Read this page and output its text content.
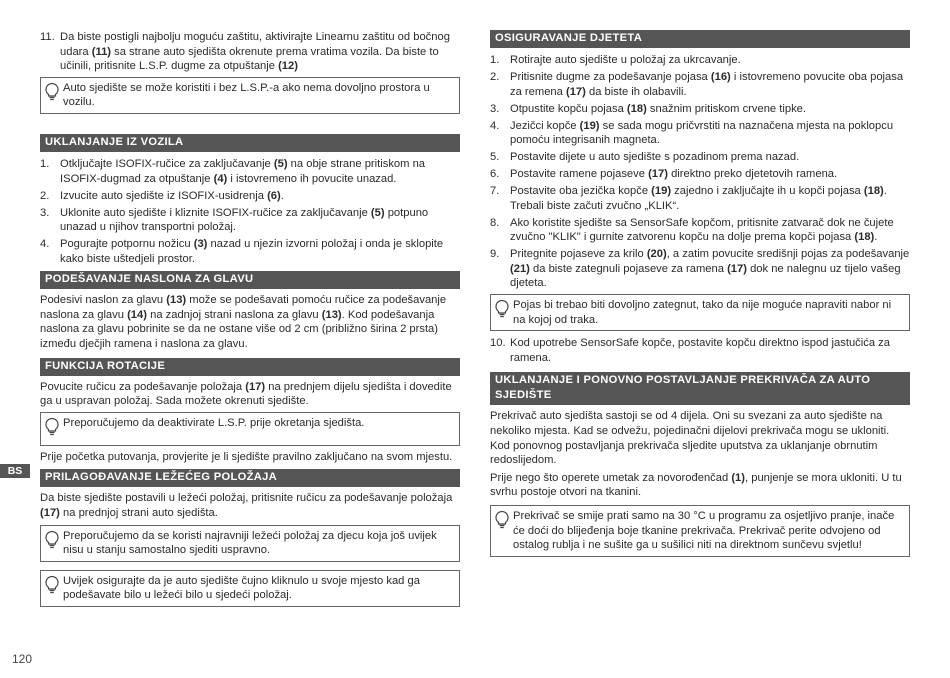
11. Da biste postigli najbolju moguću zaštitu, aktivirajte Linearnu zaštitu od bočnog udara (11) sa strane auto sjedišta okrenute prema vratima vozila. Da biste to učinili, pritisnite L.S.P. dugme za otpuštanje (12)
Auto sjedište se može koristiti i bez L.S.P.-a ako nema dovoljno prostora u vozilu.
UKLANJANJE IZ VOZILA
1. Otključajte ISOFIX-ručice za zaključavanje (5) na obje strane pritiskom na ISOFIX-dugmad za otpuštanje (4) i istovremeno ih povucite unazad.
2. Izvucite auto sjedište iz ISOFIX-usidrenja (6).
3. Uklonite auto sjedište i kliznite ISOFIX-ručice za zaključavanje (5) potpuno unazad u njihov transportni položaj.
4. Pogurajte potpornu nožicu (3) nazad u njezin izvorni položaj i onda je sklopite kako biste uštedjeli prostor.
PODEŠAVANJE NASLONA ZA GLAVU

Podesivi naslon za glavu (13) može se podešavati pomoću ručice za podešavanje naslona za glavu (14) na zadnjoj strani naslona za glavu (13). Kod podešavanja naslona za glavu pobrinite se da ne ostane više od 2 cm (približno širina 2 prsta) između dječjih ramena i naslona za glavu.

FUNKCIJA ROTACIJE

Povucite ručicu za podešavanje položaja (17) na prednjem dijelu sjedišta i dovedite ga u uspravan položaj. Sada možete okrenuti sjedište.

Preporučujemo da deaktivirate L.S.P. prije okretanja sjedišta.

Prije početka putovanja, provjerite je li sjedište pravilno zaključano na svom mjestu.

PRILAGOĐAVANJE LEŽEĆEG POLOŽAJA

Da biste sjedište postavili u ležeći položaj, pritisnite ručicu za podešavanje položaja (17) na prednjoj strani auto sjedišta.

Preporučujemo da se koristi najravniji ležeći položaj za djecu koja još uvijek nisu u stanju samostalno sjediti uspravno.
Uvijek osigurajte da je auto sjedište čujno kliknulo u svoje mjesto kad ga podešavate bilo u ležeći bilo u sjedeći položaj.
OSIGURAVANJE DJETETA
1. Rotirajte auto sjedište u položaj za ukrcavanje.
2. Pritisnite dugme za podešavanje pojasa (16) i istovremeno povucite oba pojasa za remena (17) da biste ih olabavili.
3. Otpustite kopču pojasa (18) snažnim pritiskom crvene tipke.
4. Jezičci kopče (19) se sada mogu pričvrstiti na naznačena mjesta na poklopcu pomoću integrisanih magneta.
5. Postavite dijete u auto sjedište s pozadinom prema nazad.
6. Postavite ramene pojaseve (17) direktno preko djetetovih ramena.
7. Postavite oba jezička kopče (19) zajedno i zaključajte ih u kopči pojasa (18). Trebali biste začuti zvučno „KLIK“.
8. Ako koristite sjedište sa SensorSafe kopčom, pritisnite zatvarač dok ne čujete zvučno "KLIK" i gurnite zatvorenu kopču na dolje prema kopči pojasa (18).
9. Pritegnite pojaseve za krilo (20), a zatim povucite središnji pojas za podešavanje (21) da biste zategnuli pojaseve za ramena (17) dok ne nalegnu uz tijelo vašeg djeteta.
Pojas bi trebao biti dovoljno zategnut, tako da nije moguće napraviti nabor ni na kojoj od traka.
10. Kod upotrebe SensorSafe kopče, postavite kopču direktno ispod jastučića za ramena.
UKLANJANJE I PONOVNO POSTAVLJANJE PREKRIVAČA ZA AUTO SJEDIŠTE

Prekrivač auto sjedišta sastoji se od 4 dijela. Oni su svezani za auto sjedište na nekoliko mjesta. Kad se odvežu, pojedinačni dijelovi prekrivača mogu se ukloniti. Kod ponovnog postavljanja prekrivača sljedite uputstva za uklanjanje obrnutim redoslijedom.

Prije nego što operete umetak za novorođenčad (1), punjenje se mora ukloniti. U tu svrhu postoje otvori na tkanini.

Prekrivač se smije prati samo na 30 °C u programu za osjetljivo pranje, inače će doći do blijeđenja boje tkanine prekrivača. Prekrivač perite odvojeno od ostalog rublja i ne sušite ga u sušilici niti na direktnom sunčevu svjetlu!
BS
120
